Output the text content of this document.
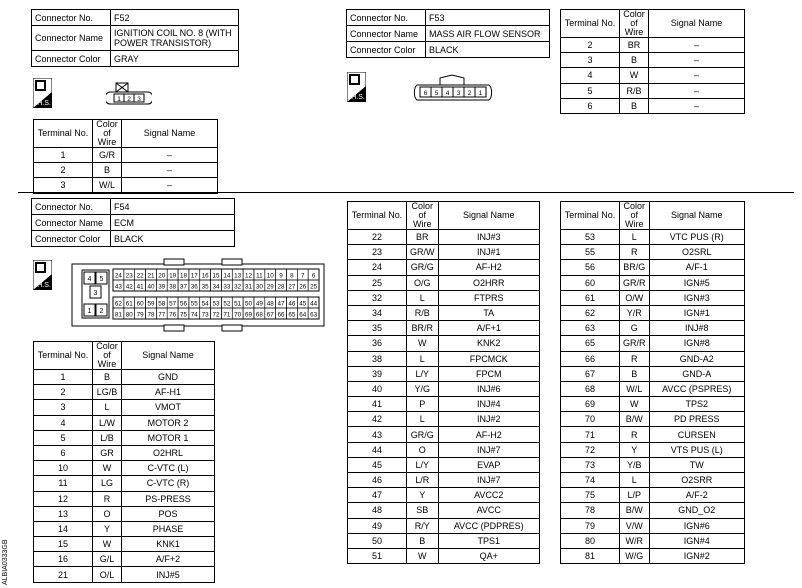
Connector No.	F52
Connector Name	IGNITION COIL NO. 8 (WITH POWER TRANSISTOR)
Connector Color	GRAY
H.S.
1 2 3
Terminal No.	Color of Wire	Signal Name
1	G/R	–
2	B	–
3	W/L	–
Connector No.	F53
Connector Name	MASS AIR FLOW SENSOR
Connector Color	BLACK
H.S.
6 5 4 3 2 1
Terminal No.	Color of Wire	Signal Name
2	BR	–
3	B	–
4	W	–
5	R/B	–
6	B	–
Connector No.	F54
Connector Name	ECM
Connector Color	BLACK
H.S.
4 5
3
1 2
24 23 22 21 20 19 18 17 16 15 14 13 12 11 10 9 8 7 6
43 42 41 40 39 38 37 36 35 34 33 32 31 30 29 28 27 26 25
62 61 60 59 58 57 56 55 54 53 52 51 50 49 48 47 46 45 44
81 80 79 78 77 76 75 74 73 72 71 70 69 68 67 66 65 64 63
Terminal No.	Color of Wire	Signal Name
1	B	GND
2	LG/B	AF-H1
3	L	VMOT
4	L/W	MOTOR 2
5	L/B	MOTOR 1
6	GR	O2HRL
10	W	C-VTC (L)
11	LG	C-VTC (R)
12	R	PS-PRESS
13	O	POS
14	Y	PHASE
15	W	KNK1
16	G/L	A/F+2
21	O/L	INJ#5
Terminal No.	Color of Wire	Signal Name
22	BR	INJ#3
23	GR/W	INJ#1
24	GR/G	AF-H2
25	O/G	O2HRR
32	L	FTPRS
34	R/B	TA
35	BR/R	A/F+1
36	W	KNK2
38	L	FPCMCK
39	L/Y	FPCM
40	Y/G	INJ#6
41	P	INJ#4
42	L	INJ#2
43	GR/G	AF-H2
44	O	INJ#7
45	L/Y	EVAP
46	L/R	INJ#7
47	Y	AVCC2
48	SB	AVCC
49	R/Y	AVCC (PDPRES)
50	B	TPS1
51	W	QA+
Terminal No.	Color of Wire	Signal Name
53	L	VTC PUS (R)
55	R	O2SRL
56	BR/G	A/F-1
60	GR/R	IGN#5
61	O/W	IGN#3
62	Y/R	IGN#1
63	G	INJ#8
65	GR/R	IGN#8
66	R	GND-A2
67	B	GND-A
68	W/L	AVCC (PSPRES)
69	W	TPS2
70	B/W	PD PRESS
71	R	CURSEN
72	Y	VTS PUS (L)
73	Y/B	TW
74	L	O2SRR
75	L/P	A/F-2
78	B/W	GND_O2
79	V/W	IGN#6
80	W/R	IGN#4
81	W/G	IGN#2
ALBIA0333GB
